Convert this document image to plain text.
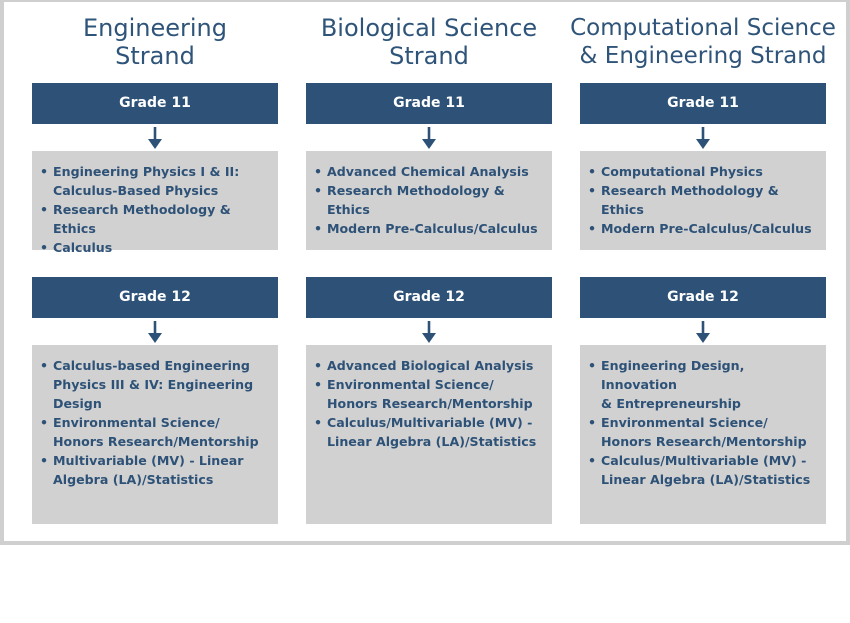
Engineering
Strand
Grade 11
• Engineering Physics I & II:
Calculus-Based Physics
• Research Methodology & Ethics
• Calculus
Grade 12
• Calculus-based Engineering
Physics III & IV: Engineering
Design
• Environmental Science/
Honors Research/Mentorship
• Multivariable (MV) - Linear
Algebra (LA)/Statistics
Biological Science
Strand
Grade 11
• Advanced Chemical Analysis
• Research Methodology & Ethics
• Modern Pre-Calculus/Calculus
Grade 12
• Advanced Biological Analysis
• Environmental Science/
Honors Research/Mentorship
• Calculus/Multivariable (MV) -
Linear Algebra (LA)/Statistics
Computational Science
& Engineering Strand
Grade 11
• Computational Physics
• Research Methodology & Ethics
• Modern Pre-Calculus/Calculus
Grade 12
• Engineering Design, Innovation
& Entrepreneurship
• Environmental Science/
Honors Research/Mentorship
• Calculus/Multivariable (MV) -
Linear Algebra (LA)/Statistics
